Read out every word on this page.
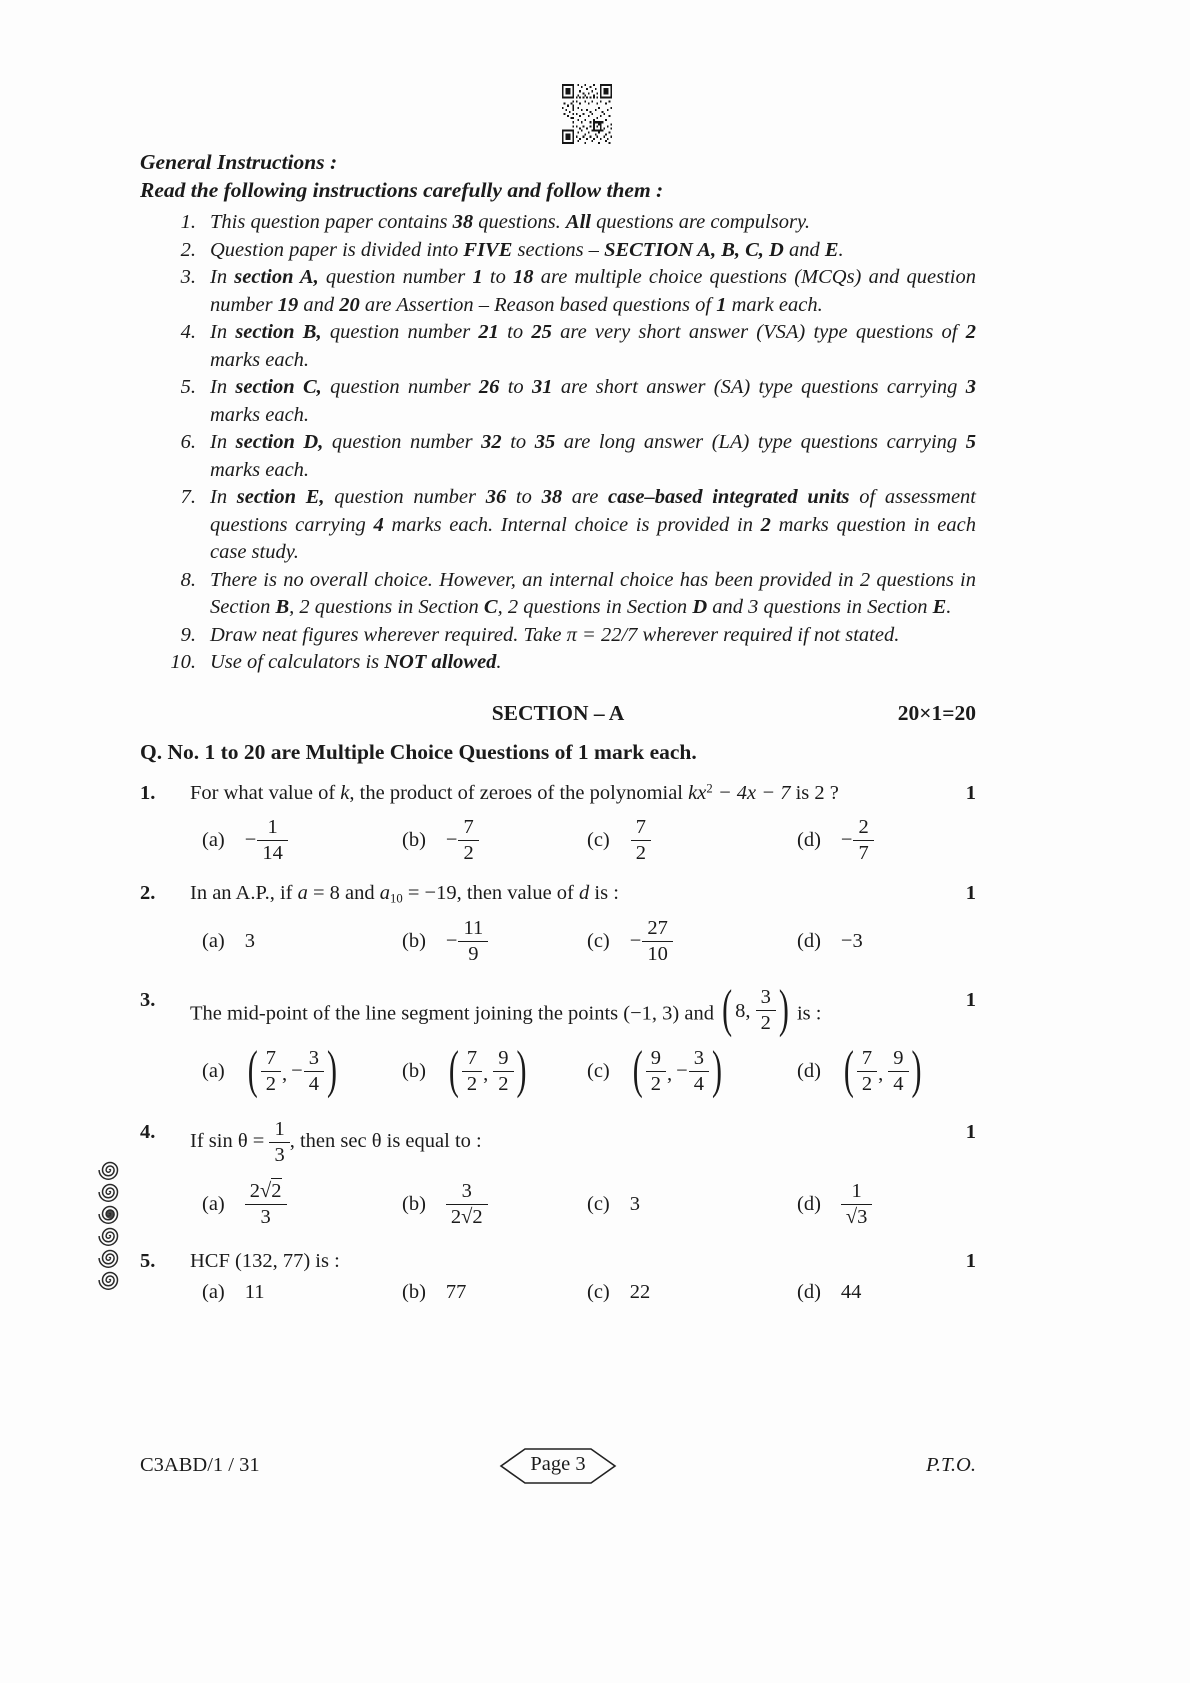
General Instructions :
Read the following instructions carefully and follow them :
1. This question paper contains 38 questions. All questions are compulsory.
2. Question paper is divided into FIVE sections – SECTION A, B, C, D and E.
3. In section A, question number 1 to 18 are multiple choice questions (MCQs) and question number 19 and 20 are Assertion – Reason based questions of 1 mark each.
4. In section B, question number 21 to 25 are very short answer (VSA) type questions of 2 marks each.
5. In section C, question number 26 to 31 are short answer (SA) type questions carrying 3 marks each.
6. In section D, question number 32 to 35 are long answer (LA) type questions carrying 5 marks each.
7. In section E, question number 36 to 38 are case–based integrated units of assessment questions carrying 4 marks each. Internal choice is provided in 2 marks question in each case study.
8. There is no overall choice. However, an internal choice has been provided in 2 questions in Section B, 2 questions in Section C, 2 questions in Section D and 3 questions in Section E.
9. Draw neat figures wherever required. Take π = 22/7 wherever required if not stated.
10. Use of calculators is NOT allowed.
SECTION – A	20×1=20
Q. No. 1 to 20 are Multiple Choice Questions of 1 mark each.
1.	For what value of k, the product of zeroes of the polynomial $kx^2 - 4x - 7$ is 2 ?	1
$(a) - \frac{1}{14}$	$(b) - \frac{7}{2}$	$(c) \frac{7}{2}$	$(d) - \frac{2}{7}$
2.	In an A.P., if a = 8 and $a_{10} = -19$, then value of d is :	1
(a) 3	$(b) - \frac{11}{9}$	$(c) - \frac{27}{10}$	(d) −3
3.
The mid-point of the line segment joining the points (−1, 3) and ( 8,
$\frac{3}{2}$ ) is :
1
(a) ( $\frac{7}{2}$ , − $\frac{3}{4}$ )	(b) ( $\frac{7}{2}$ , $\frac{9}{2}$ )	(c) ( $\frac{9}{2}$ , − $\frac{3}{4}$ )	(d) ( $\frac{7}{2}$ , $\frac{9}{4}$ )
4.	If $\sin \theta = \frac{1}{3}$ , then sec θ is equal to :	1
$(a) \frac{2√2}{3}$	$(b) \frac{3}{2√2}$	(c) 3	$(d) \frac{1}{√3}$
5.	HCF (132, 77) is :	1
(a) 11	(b) 77	(c) 22	(d) 44
C3ABD/1 / 31	Page 3	P.T.O.
